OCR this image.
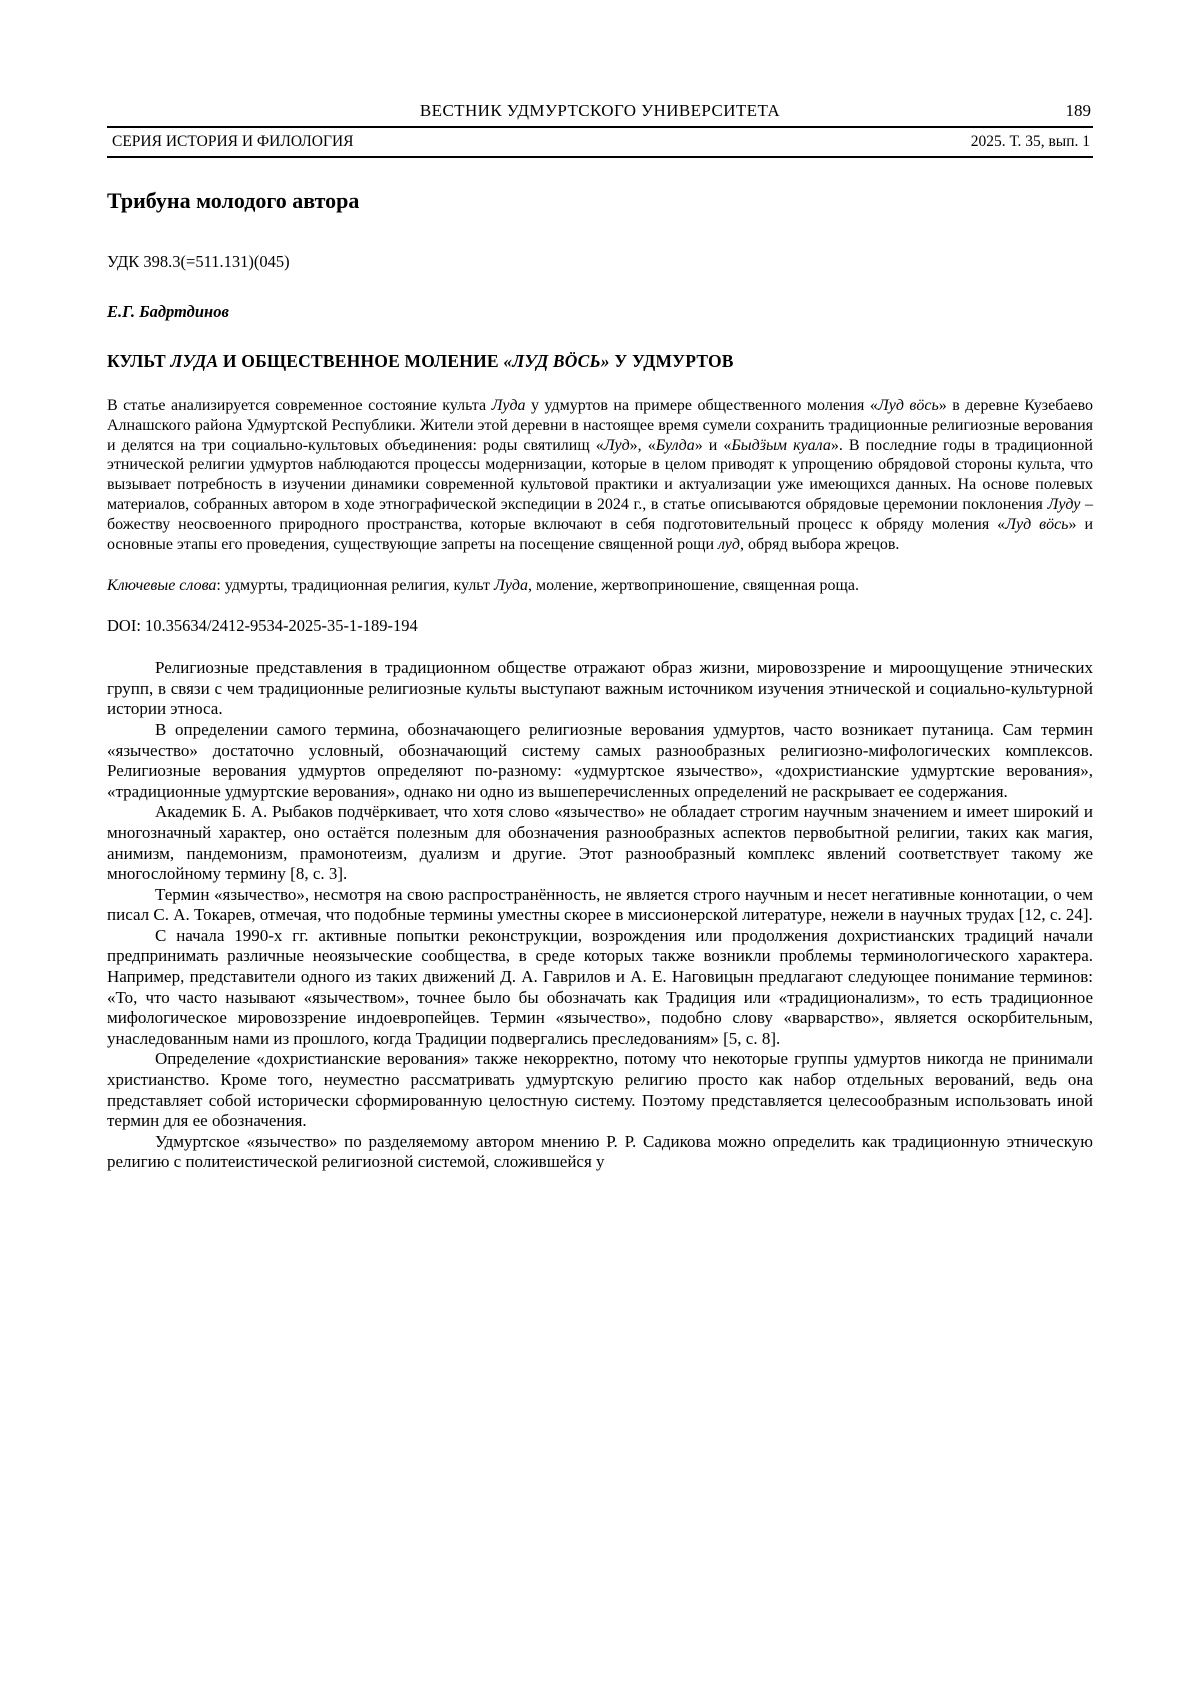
ВЕСТНИК УДМУРТСКОГО УНИВЕРСИТЕТА	189
СЕРИЯ ИСТОРИЯ И ФИЛОЛОГИЯ	2025. Т. 35, вып. 1
Трибуна молодого автора

УДК 398.3(=511.131)(045)

Е.Г. Бадртдинов

КУЛЬТ ЛУДА И ОБЩЕСТВЕННОЕ МОЛЕНИЕ «ЛУД ВӦСЬ» У УДМУРТОВ

В статье анализируется современное состояние культа Луда у удмуртов на примере общественного моления «Луд вӧсь» в деревне Кузебаево Алнашского района Удмуртской Республики. Жители этой деревни в настоящее время сумели сохранить традиционные религиозные верования и делятся на три социально-культовых объединения: роды святилищ «Луд», «Булда» и «Быдӟым куала». В последние годы в традиционной этнической религии удмуртов наблюдаются процессы модернизации, которые в целом приводят к упрощению обрядовой стороны культа, что вызывает потребность в изучении динамики современной культовой практики и актуализации уже имеющихся данных. На основе полевых материалов, собранных автором в ходе этнографической экспедиции в 2024 г., в статье описываются обрядовые церемонии поклонения Луду – божеству неосвоенного природного пространства, которые включают в себя подготовительный процесс к обряду моления «Луд вӧсь» и основные этапы его проведения, существующие запреты на посещение священной рощи луд, обряд выбора жрецов.

Ключевые слова: удмурты, традиционная религия, культ Луда, моление, жертвоприношение, священная роща.

DOI: 10.35634/2412-9534-2025-35-1-189-194

Религиозные представления в традиционном обществе отражают образ жизни, мировоззрение и мироощущение этнических групп, в связи с чем традиционные религиозные культы выступают важным источником изучения этнической и социально-культурной истории этноса.

В определении самого термина, обозначающего религиозные верования удмуртов, часто возникает путаница. Сам термин «язычество» достаточно условный, обозначающий систему самых разнообразных религиозно-мифологических комплексов. Религиозные верования удмуртов определяют по-разному: «удмуртское язычество», «дохристианские удмуртские верования», «традиционные удмуртские верования», однако ни одно из вышеперечисленных определений не раскрывает ее содержания.

Академик Б. А. Рыбаков подчёркивает, что хотя слово «язычество» не обладает строгим научным значением и имеет широкий и многозначный характер, оно остаётся полезным для обозначения разнообразных аспектов первобытной религии, таких как магия, анимизм, пандемонизм, прамонотеизм, дуализм и другие. Этот разнообразный комплекс явлений соответствует такому же многослойному термину [8, с. 3].

Термин «язычество», несмотря на свою распространённость, не является строго научным и несет негативные коннотации, о чем писал С. А. Токарев, отмечая, что подобные термины уместны скорее в миссионерской литературе, нежели в научных трудах [12, с. 24].

С начала 1990-х гг. активные попытки реконструкции, возрождения или продолжения дохристианских традиций начали предпринимать различные неоязыческие сообщества, в среде которых также возникли проблемы терминологического характера. Например, представители одного из таких движений Д. А. Гаврилов и А. Е. Наговицын предлагают следующее понимание терминов: «То, что часто называют «язычеством», точнее было бы обозначать как Традиция или «традиционализм», то есть традиционное мифологическое мировоззрение индоевропейцев. Термин «язычество», подобно слову «варварство», является оскорбительным, унаследованным нами из прошлого, когда Традиции подвергались преследованиям» [5, с. 8].

Определение «дохристианские верования» также некорректно, потому что некоторые группы удмуртов никогда не принимали христианство. Кроме того, неуместно рассматривать удмуртскую религию просто как набор отдельных верований, ведь она представляет собой исторически сформированную целостную систему. Поэтому представляется целесообразным использовать иной термин для ее обозначения.

Удмуртское «язычество» по разделяемому автором мнению Р. Р. Садикова можно определить как традиционную этническую религию с политеистической религиозной системой, сложившейся у
